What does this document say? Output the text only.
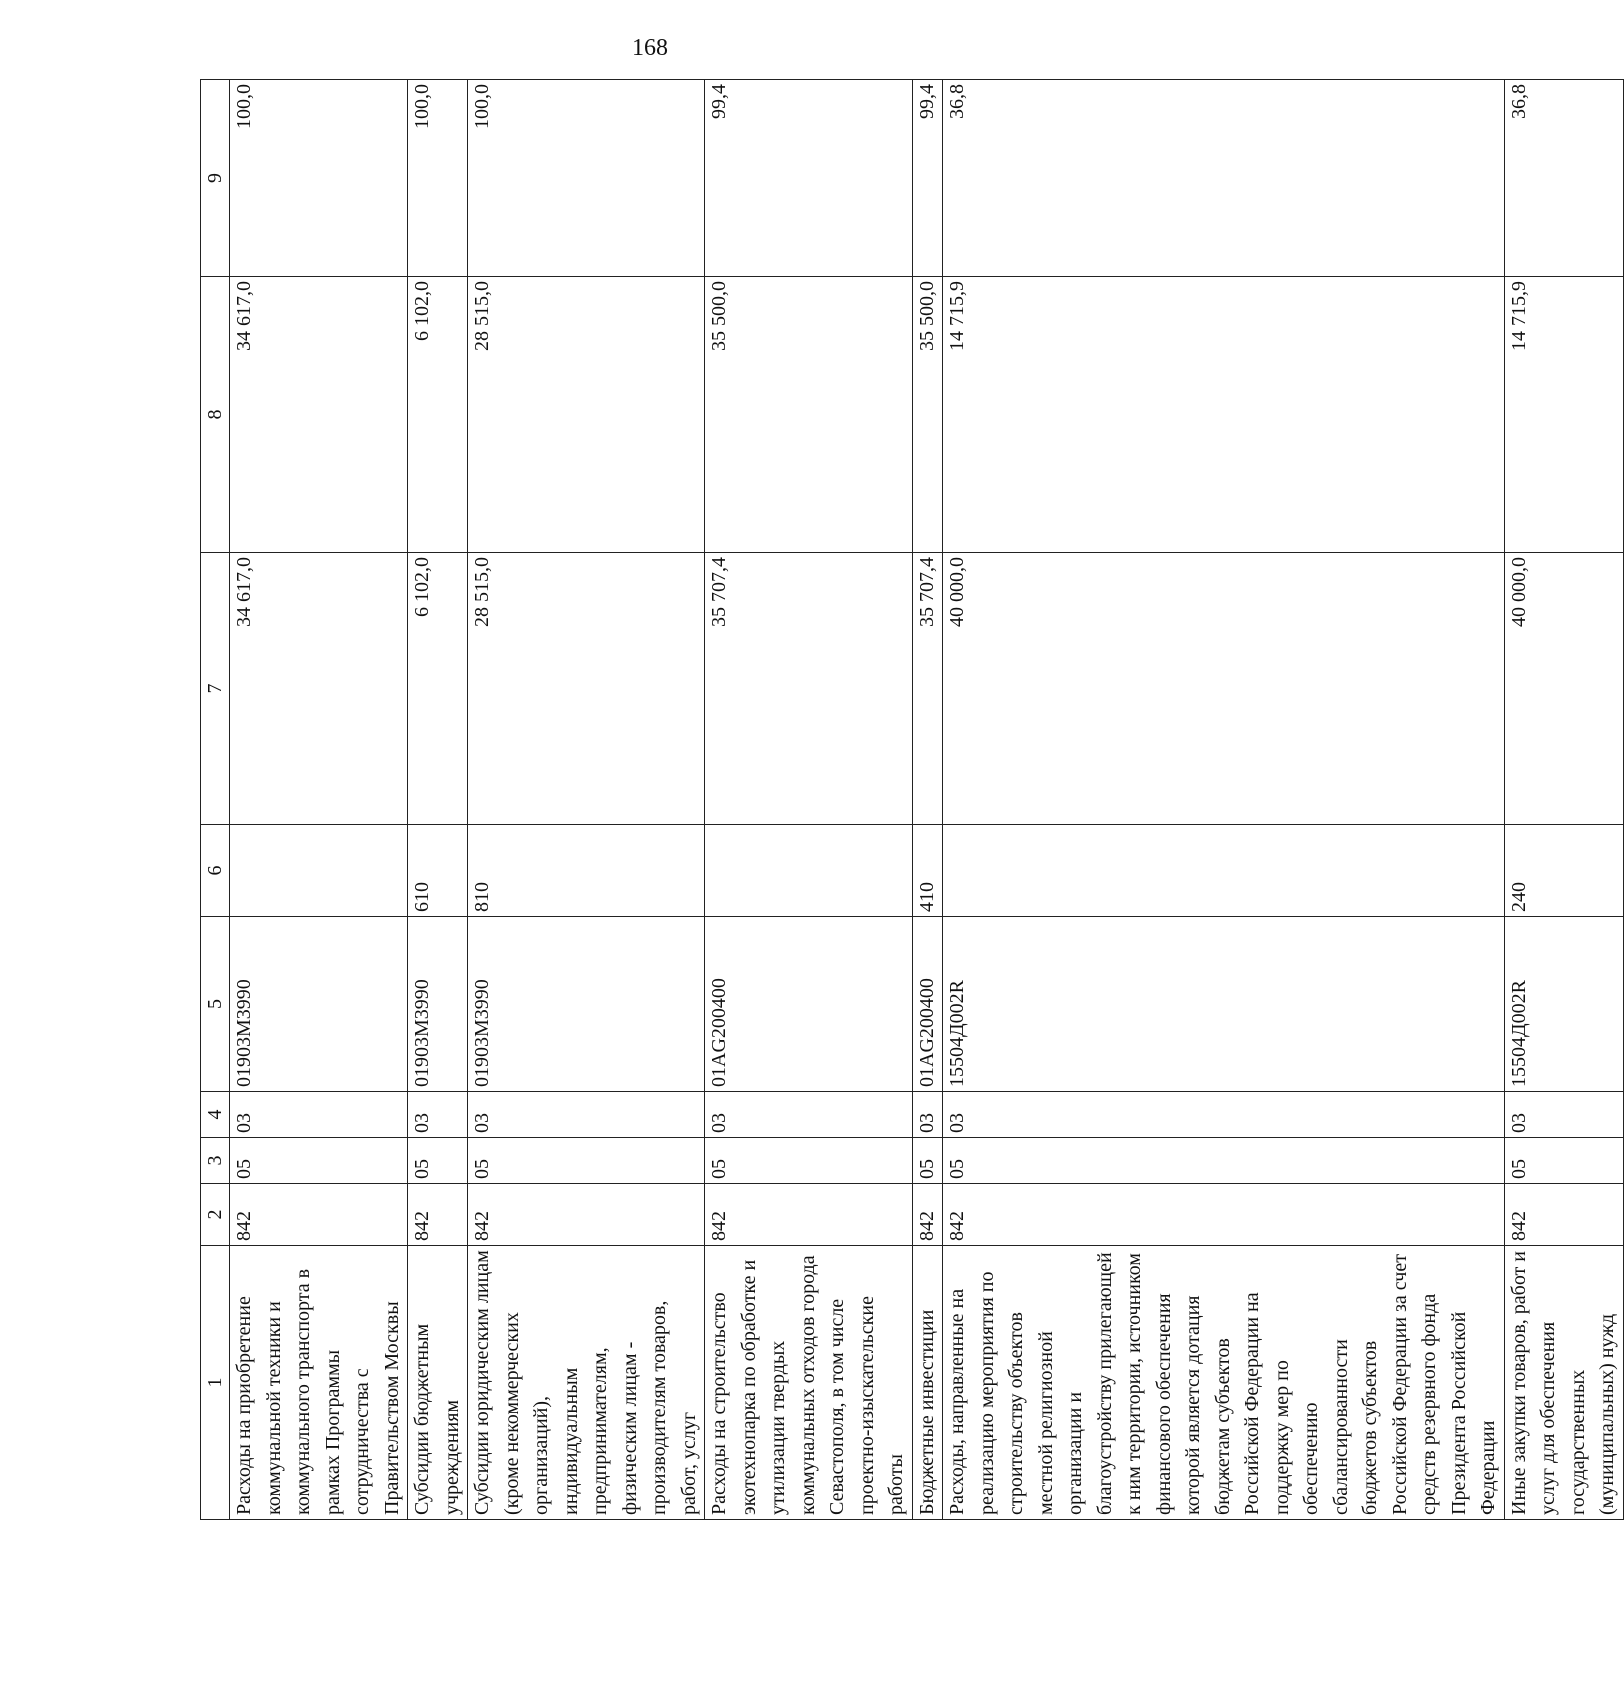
168
1	2	3	4	5	6	7	8	9
Расходы на приобретение коммунальной техники и коммунального транспорта в рамках Программы сотрудничества с Правительством Москвы	842	05	03	01903М3990		34 617,0	34 617,0	100,0
Субсидии бюджетным учреждениям	842	05	03	01903М3990	610	6 102,0	6 102,0	100,0
Субсидии юридическим лицам (кроме некоммерческих организаций), индивидуальным предпринимателям, физическим лицам - производителям товаров, работ, услуг	842	05	03	01903М3990	810	28 515,0	28 515,0	100,0
Расходы на строительство экотехнопарка по обработке и утилизации твердых коммунальных отходов города Севастополя, в том числе проектно-изыскательские работы	842	05	03	01AG200400		35 707,4	35 500,0	99,4
Бюджетные инвестиции	842	05	03	01AG200400	410	35 707,4	35 500,0	99,4
Расходы, направленные на реализацию мероприятия по строительству объектов местной религиозной организации и благоустройству прилегающей к ним территории, источником финансового обеспечения которой является дотация бюджетам субъектов Российской Федерации на поддержку мер по обеспечению сбалансированности бюджетов субъектов Российской Федерации за счет средств резервного фонда Президента Российской Федерации	842	05	03	15504Д002R		40 000,0	14 715,9	36,8
Иные закупки товаров, работ и услуг для обеспечения государственных (муниципальных) нужд	842	05	03	15504Д002R	240	40 000,0	14 715,9	36,8
